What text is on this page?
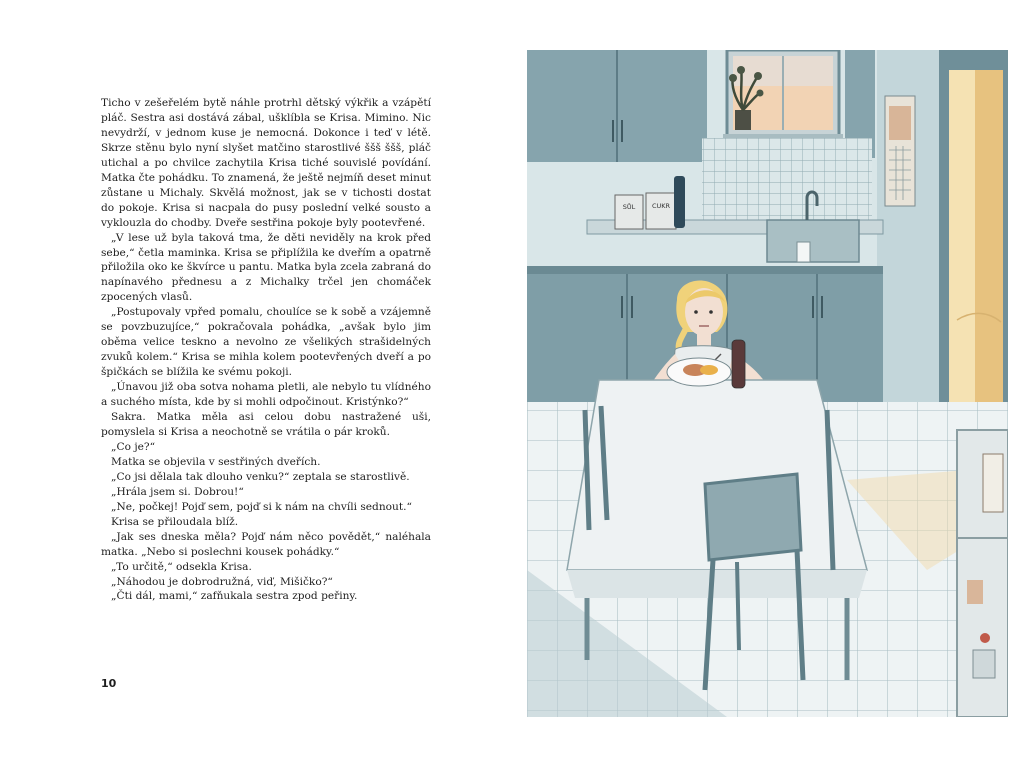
Ticho v zešeřelém bytě náhle protrhl dětský výkřik a vzápětí pláč. Sestra asi dostává zábal, ušklíbla se Krisa. Mimino. Nic nevydrží, v jednom kuse je nemocná. Dokonce i teď v létě. Skrze stěnu bylo nyní slyšet matčino starostlivé ššš ššš, pláč utichal a po chvilce zachytila Krisa tiché souvislé povídání. Matka čte pohádku. To znamená, že ještě nejmíň deset minut zůstane u Michaly. Skvělá možnost, jak se v tichosti dostat do pokoje. Krisa si nacpala do pusy poslední velké sousto a vyklouzla do chodby. Dveře sestřina pokoje byly pootevřené.

„V lese už byla taková tma, že děti neviděly na krok před sebe,“ četla maminka. Krisa se připlížila ke dveřím a opatrně přiložila oko ke škvírce u pantu. Matka byla zcela zabraná do napínavého přednesu a z Michalky trčel jen chomáček zpocených vlasů.

„Postupovaly vpřed pomalu, choulíce se k sobě a vzájemně se povzbuzujíce,“ pokračovala pohádka, „avšak bylo jim oběma velice teskno a nevolno ze všelikých strašidelných zvuků kolem.“ Krisa se mihla kolem pootevřených dveří a po špičkách se blížila ke svému pokoji.

„Únavou již oba sotva nohama pletli, ale nebylo tu vlídného a suchého místa, kde by si mohli odpočinout. Kristýnko?“

Sakra. Matka měla asi celou dobu nastražené uši, pomyslela si Krisa a neochotně se vrátila o pár kroků.

„Co je?“

Matka se objevila v sestřiných dveřích.

„Co jsi dělala tak dlouho venku?“ zeptala se starostlivě.

„Hrála jsem si. Dobrou!“

„Ne, počkej! Pojď sem, pojď si k nám na chvíli sednout.“

Krisa se přiloudala blíž.

„Jak ses dneska měla? Pojď nám něco povědět,“ naléhala matka. „Nebo si poslechni kousek pohádky.“

„To určitě,“ odsekla Krisa.

„Náhodou je dobrodružná, viď, Mišičko?“

„Čti dál, mami,“ zafňukala sestra zpod peřiny.

10
SŮL	CUKR
